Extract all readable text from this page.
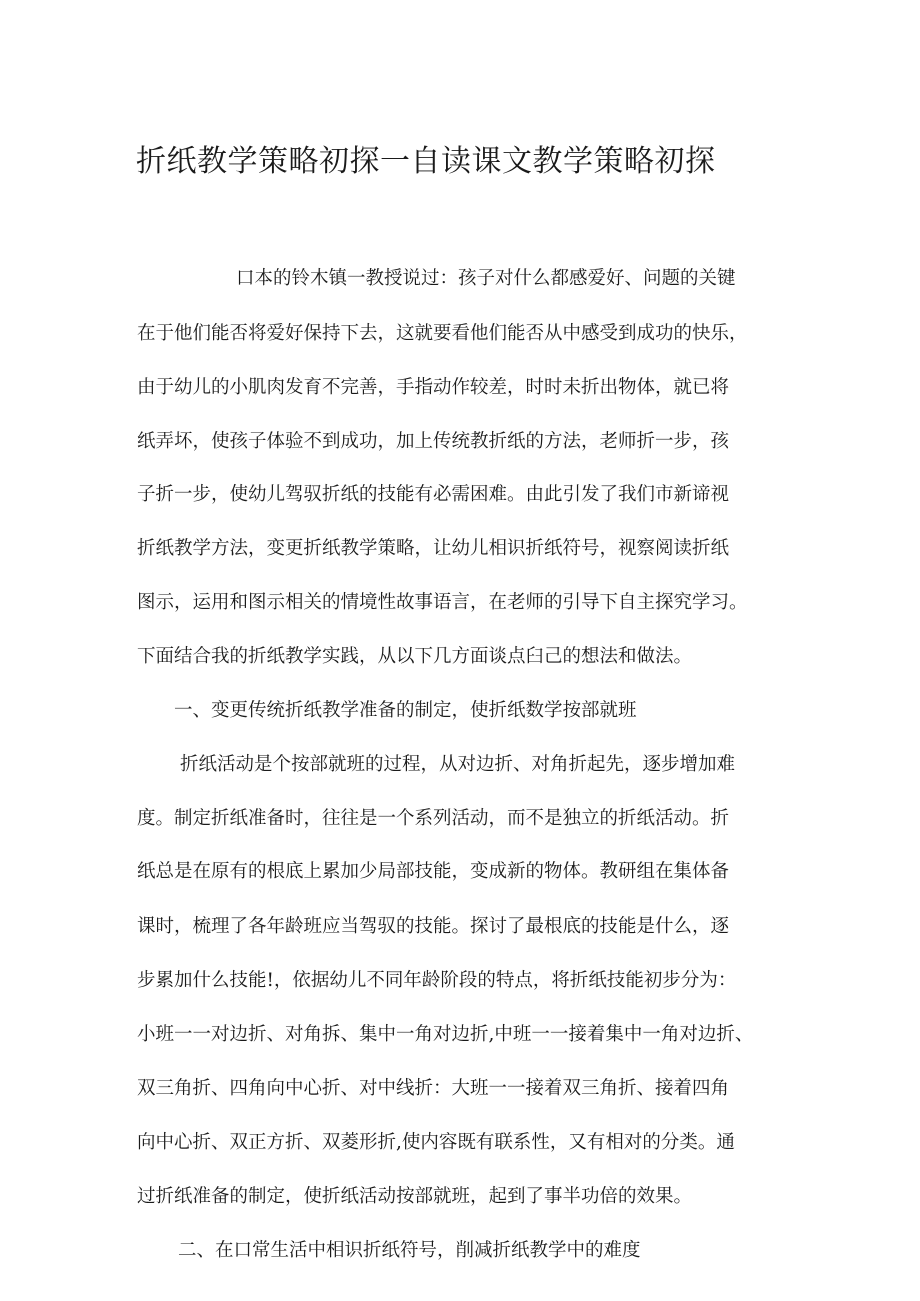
折纸教学策略初探一自读课文教学策略初探
口本的铃木镇一教授说过：孩子对什么都感爱好、问题的关键
在于他们能否将爱好保持下去，这就要看他们能否从中感受到成功的快乐，
由于幼儿的小肌肉发育不完善，手指动作较差，时时未折出物体，就已将
纸弄坏，使孩子体验不到成功，加上传统教折纸的方法，老师折一步，孩
子折一步，使幼儿驾驭折纸的技能有必需困难。由此引发了我们市新谛视
折纸教学方法，变更折纸教学策略，让幼儿相识折纸符号，视察阅读折纸
图示，运用和图示相关的情境性故事语言，在老师的引导下自主探究学习。
下面结合我的折纸教学实践，从以下几方面谈点臼己的想法和做法。
一、变更传统折纸教学准备的制定，使折纸数学按部就班
折纸活动是个按部就班的过程，从对边折、对角折起先，逐步增加难
度。制定折纸准备时，往往是一个系列活动，而不是独立的折纸活动。折
纸总是在原有的根底上累加少局部技能，变成新的物体。教研组在集体备
课时，梳理了各年龄班应当驾驭的技能。探讨了最根底的技能是什么，逐
步累加什么技能!，依据幼儿不同年龄阶段的特点，将折纸技能初步分为：
小班一一对边折、对角拆、集中一角对边折,中班一一接着集中一角对边折、
双三角折、四角向中心折、对中线折：大班一一接着双三角折、接着四角
向中心折、双正方折、双菱形折,使内容既有联系性，又有相对的分类。通
过折纸准备的制定，使折纸活动按部就班，起到了事半功倍的效果。
二、在口常生活中相识折纸符号，削减折纸教学中的难度
